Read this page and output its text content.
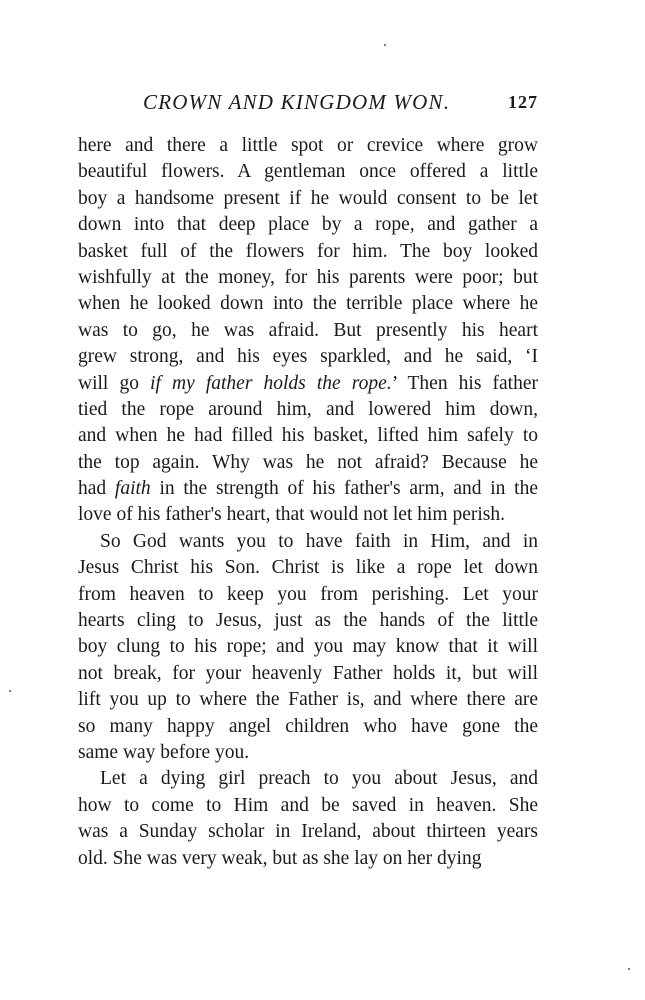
CROWN AND KINGDOM WON.	127
here and there a little spot or crevice where grow
beautiful flowers. A gentleman once offered a little
boy a handsome present if he would consent to be let
down into that deep place by a rope, and gather a
basket full of the flowers for him. The boy looked
wishfully at the money, for his parents were poor; but
when he looked down into the terrible place where he
was to go, he was afraid. But presently his heart
grew strong, and his eyes sparkled, and he said, ‘I
will go if my father holds the rope.’ Then his father
tied the rope around him, and lowered him down,
and when he had filled his basket, lifted him safely to
the top again. Why was he not afraid? Because he
had faith in the strength of his father's arm, and in the
love of his father's heart, that would not let him perish.
So God wants you to have faith in Him, and in
Jesus Christ his Son. Christ is like a rope let down
from heaven to keep you from perishing. Let your
hearts cling to Jesus, just as the hands of the little
boy clung to his rope; and you may know that it will
not break, for your heavenly Father holds it, but will
lift you up to where the Father is, and where there are
so many happy angel children who have gone the
same way before you.
Let a dying girl preach to you about Jesus, and
how to come to Him and be saved in heaven. She
was a Sunday scholar in Ireland, about thirteen years
old. She was very weak, but as she lay on her dying
